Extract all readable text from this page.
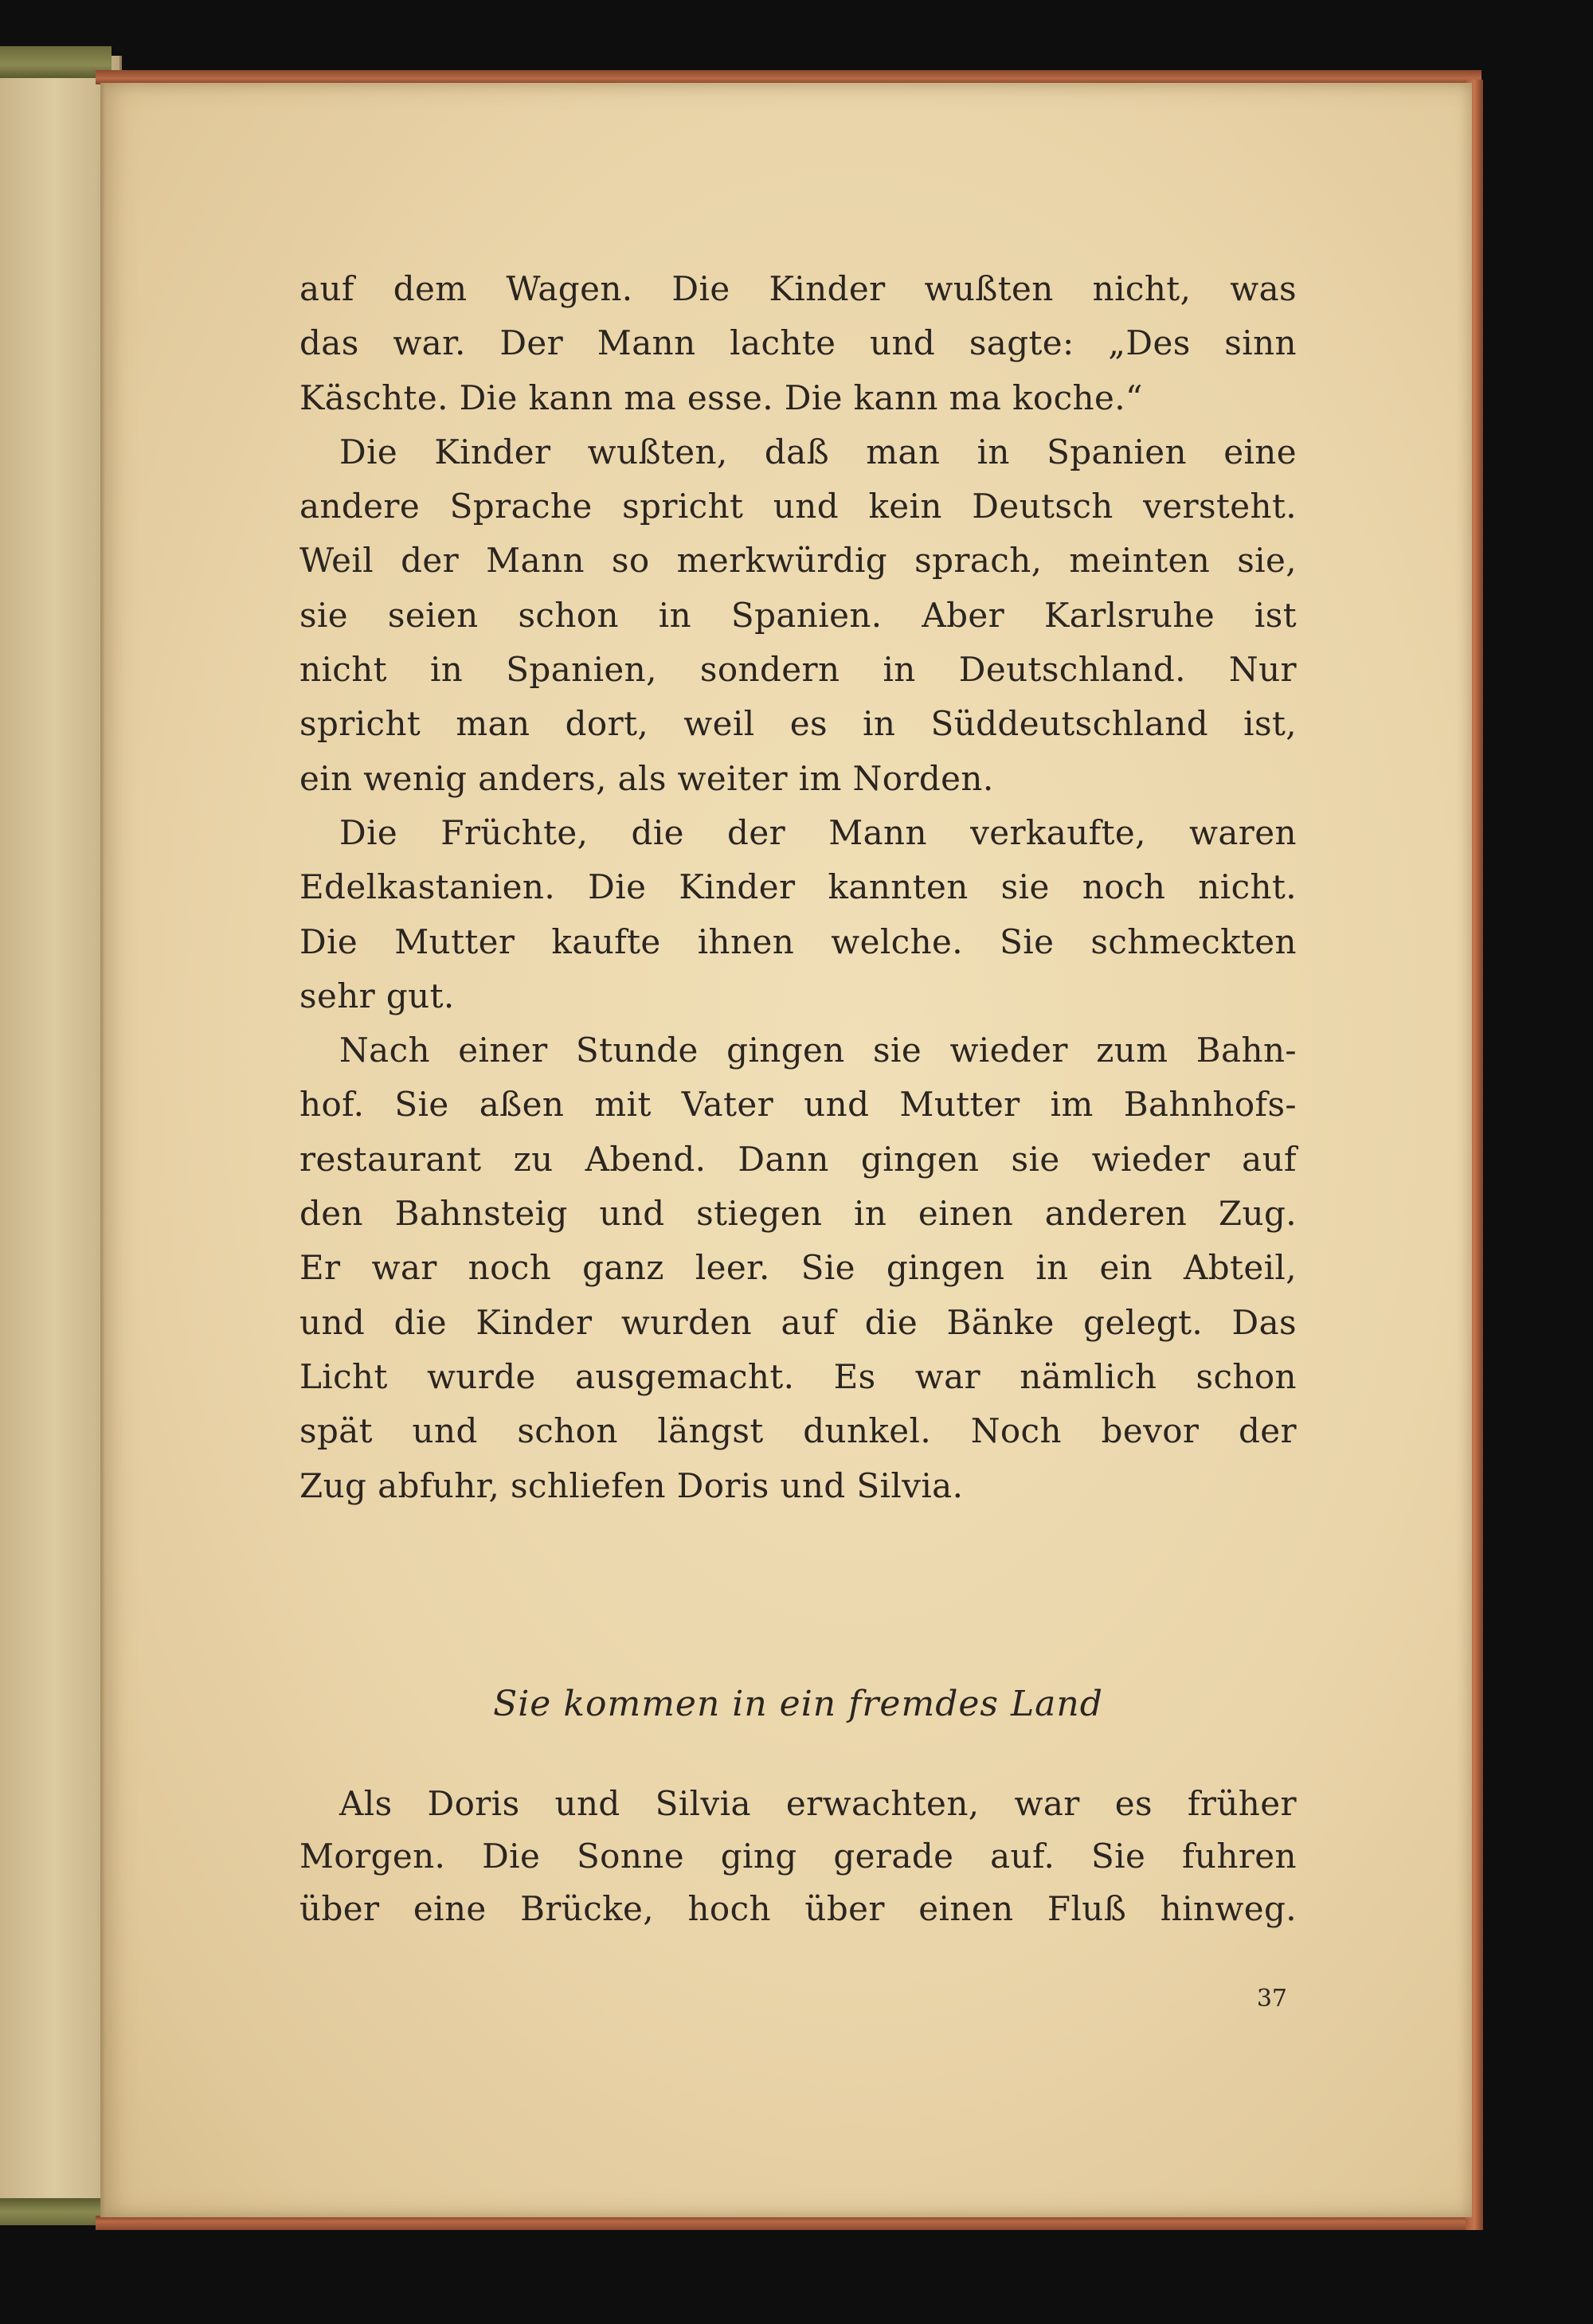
auf dem Wagen. Die Kinder wußten nicht, was
das war. Der Mann lachte und sagte: „Des sinn
Käschte. Die kann ma esse. Die kann ma koche.“
Die Kinder wußten, daß man in Spanien eine
andere Sprache spricht und kein Deutsch versteht.
Weil der Mann so merkwürdig sprach, meinten sie,
sie seien schon in Spanien. Aber Karlsruhe ist
nicht in Spanien, sondern in Deutschland. Nur
spricht man dort, weil es in Süddeutschland ist,
ein wenig anders, als weiter im Norden.
Die Früchte, die der Mann verkaufte, waren
Edelkastanien. Die Kinder kannten sie noch nicht.
Die Mutter kaufte ihnen welche. Sie schmeckten
sehr gut.
Nach einer Stunde gingen sie wieder zum Bahn-
hof. Sie aßen mit Vater und Mutter im Bahnhofs-
restaurant zu Abend. Dann gingen sie wieder auf
den Bahnsteig und stiegen in einen anderen Zug.
Er war noch ganz leer. Sie gingen in ein Abteil,
und die Kinder wurden auf die Bänke gelegt. Das
Licht wurde ausgemacht. Es war nämlich schon
spät und schon längst dunkel. Noch bevor der
Zug abfuhr, schliefen Doris und Silvia.
Sie kommen in ein fremdes Land
Als Doris und Silvia erwachten, war es früher
Morgen. Die Sonne ging gerade auf. Sie fuhren
über eine Brücke, hoch über einen Fluß hinweg.
37
